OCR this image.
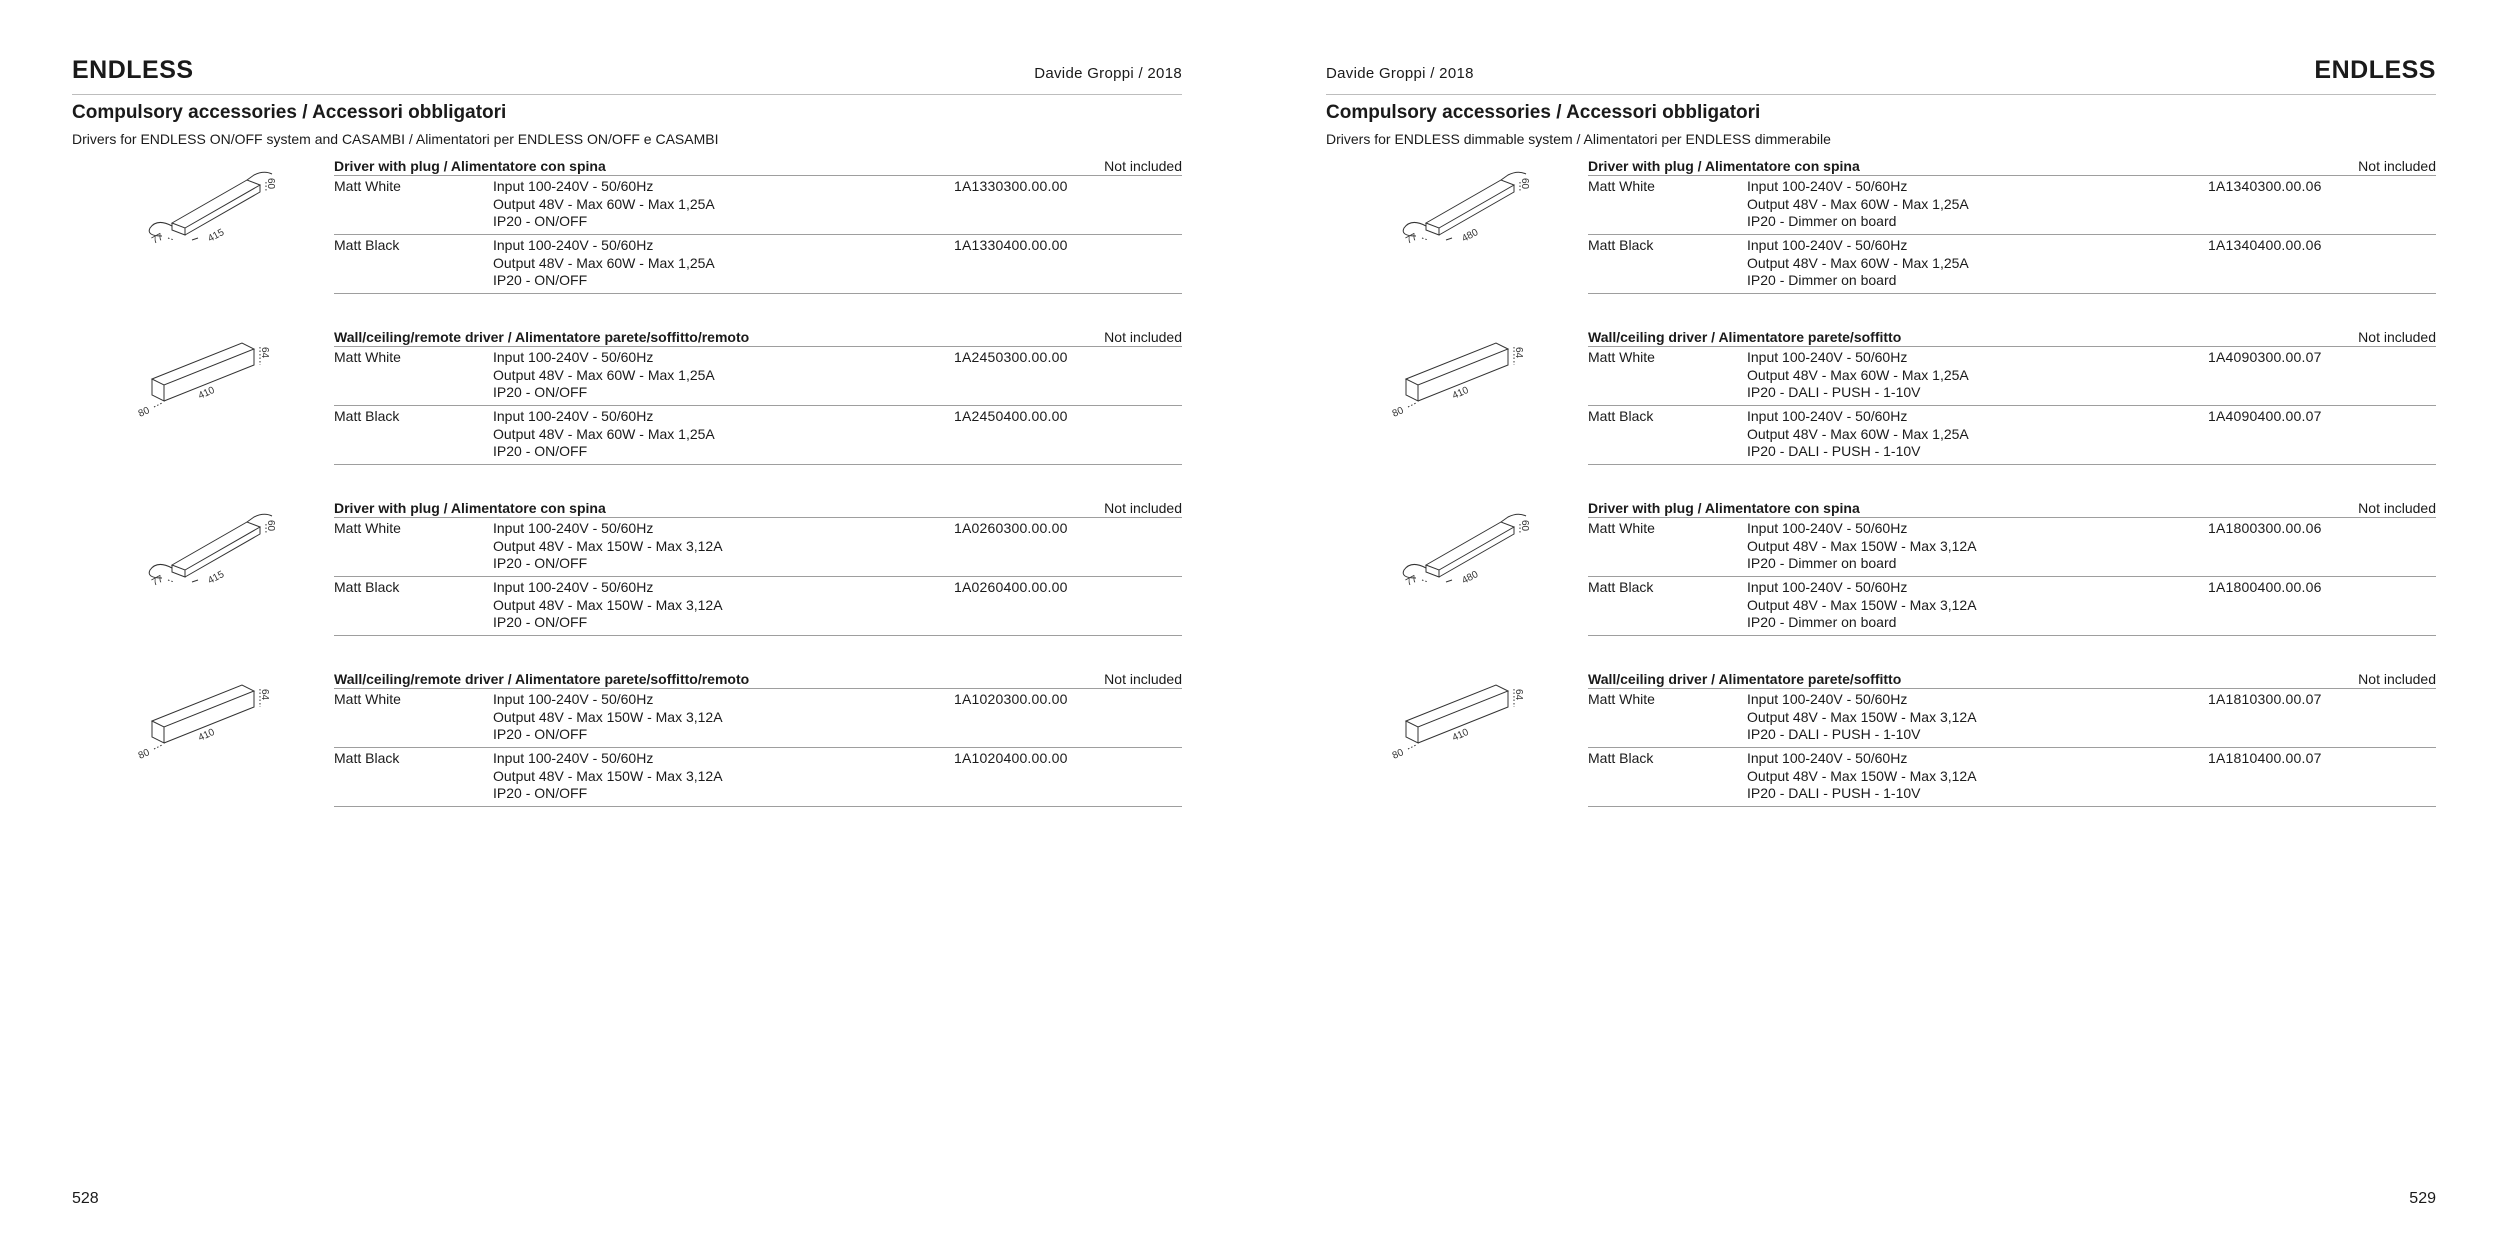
ENDLESS	Davide Groppi / 2018
Compulsory accessories / Accessori obbligatori
Drivers for ENDLESS ON/OFF system and CASAMBI / Alimentatori per ENDLESS ON/OFF e CASAMBI
60
415
77
Driver with plug / Alimentatore con spina	Not included
Matt White	Input 100-240V - 50/60Hz
Output 48V - Max 60W - Max 1,25A
IP20 - ON/OFF
1A1330300.00.00
Matt Black	Input 100-240V - 50/60Hz
Output 48V - Max 60W - Max 1,25A
IP20 - ON/OFF
1A1330400.00.00
64
410
80
Wall/ceiling/remote driver / Alimentatore parete/soffitto/remoto	Not included
Matt White	Input 100-240V - 50/60Hz
Output 48V - Max 60W - Max 1,25A
IP20 - ON/OFF
1A2450300.00.00
Matt Black	Input 100-240V - 50/60Hz
Output 48V - Max 60W - Max 1,25A
IP20 - ON/OFF
1A2450400.00.00
60
415
77
Driver with plug / Alimentatore con spina	Not included
Matt White	Input 100-240V - 50/60Hz
Output 48V - Max 150W - Max 3,12A
IP20 - ON/OFF
1A0260300.00.00
Matt Black	Input 100-240V - 50/60Hz
Output 48V - Max 150W - Max 3,12A
IP20 - ON/OFF
1A0260400.00.00
64
410
80
Wall/ceiling/remote driver / Alimentatore parete/soffitto/remoto	Not included
Matt White	Input 100-240V - 50/60Hz
Output 48V - Max 150W - Max 3,12A
IP20 - ON/OFF
1A1020300.00.00
Matt Black	Input 100-240V - 50/60Hz
Output 48V - Max 150W - Max 3,12A
IP20 - ON/OFF
1A1020400.00.00
528
ENDLESS
Davide Groppi / 2018
Compulsory accessories / Accessori obbligatori
Drivers for ENDLESS dimmable system / Alimentatori per ENDLESS dimmerabile
60
480
77
Driver with plug / Alimentatore con spina	Not included
Matt White	Input 100-240V - 50/60Hz
Output 48V - Max 60W - Max 1,25A
IP20 - Dimmer on board
1A1340300.00.06
Matt Black	Input 100-240V - 50/60Hz
Output 48V - Max 60W - Max 1,25A
IP20 - Dimmer on board
1A1340400.00.06
64
410
80
Wall/ceiling driver / Alimentatore parete/soffitto	Not included
Matt White	Input 100-240V - 50/60Hz
Output 48V - Max 60W - Max 1,25A
IP20 - DALI - PUSH - 1-10V
1A4090300.00.07
Matt Black	Input 100-240V - 50/60Hz
Output 48V - Max 60W - Max 1,25A
IP20 - DALI - PUSH - 1-10V
1A4090400.00.07
60
480
77
Driver with plug / Alimentatore con spina	Not included
Matt White	Input 100-240V - 50/60Hz
Output 48V - Max 150W - Max 3,12A
IP20 - Dimmer on board
1A1800300.00.06
Matt Black	Input 100-240V - 50/60Hz
Output 48V - Max 150W - Max 3,12A
IP20 - Dimmer on board
1A1800400.00.06
64
410
80
Wall/ceiling driver / Alimentatore parete/soffitto	Not included
Matt White	Input 100-240V - 50/60Hz
Output 48V - Max 150W - Max 3,12A
IP20 - DALI - PUSH - 1-10V
1A1810300.00.07
Matt Black	Input 100-240V - 50/60Hz
Output 48V - Max 150W - Max 3,12A
IP20 - DALI - PUSH - 1-10V
1A1810400.00.07
529
